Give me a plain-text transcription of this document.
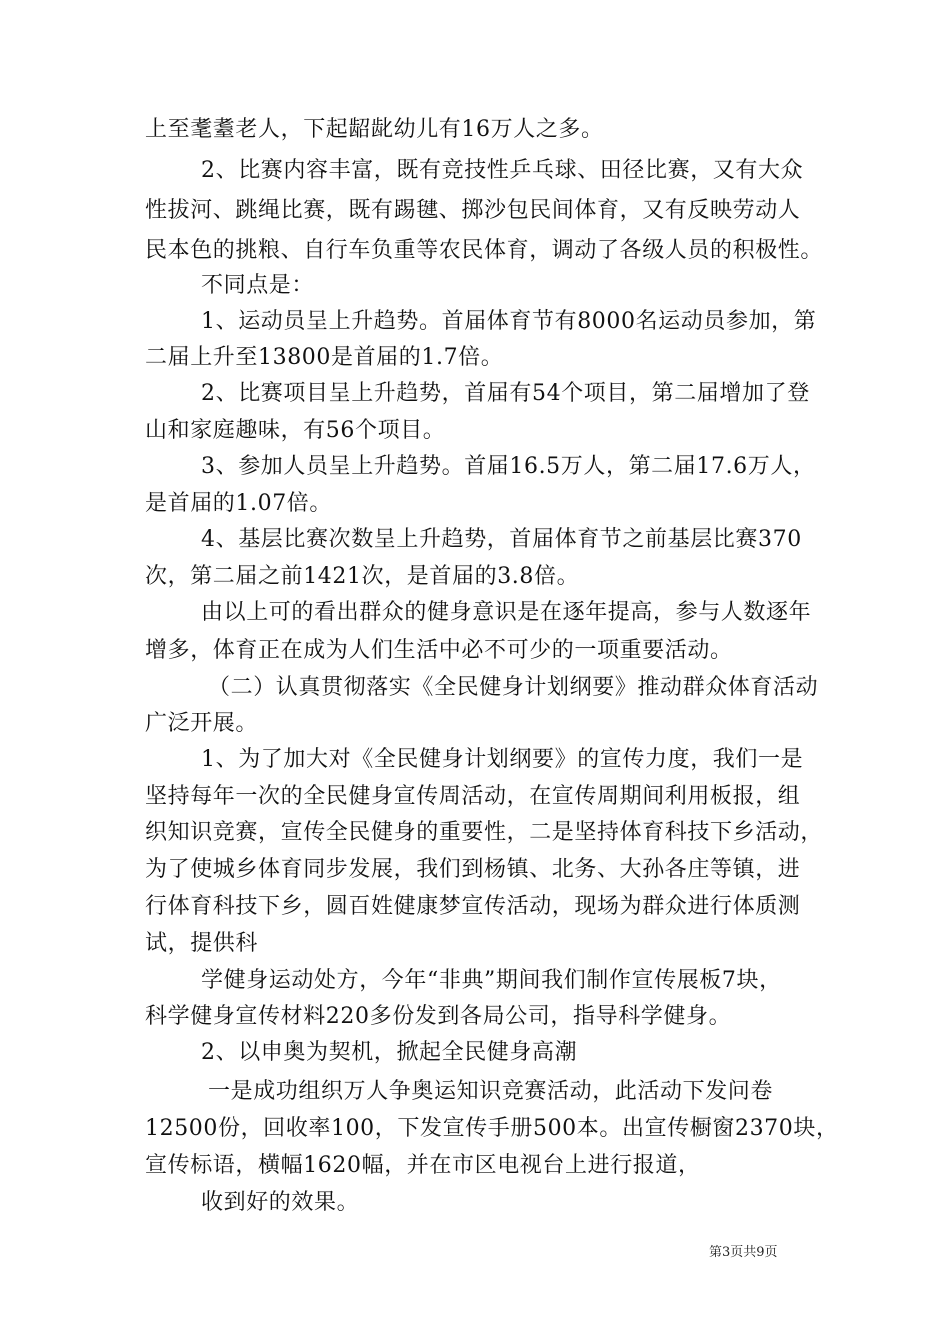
上至耄耋老人，下起龆龀幼儿有16万人之多。
2、比赛内容丰富，既有竞技性乒乓球、田径比赛，又有大众
性拔河、跳绳比赛，既有踢毽、掷沙包民间体育，又有反映劳动人
民本色的挑粮、自行车负重等农民体育，调动了各级人员的积极性。
不同点是：
1、运动员呈上升趋势。首届体育节有8000名运动员参加，第
二届上升至13800是首届的1.7倍。
2、比赛项目呈上升趋势，首届有54个项目，第二届增加了登
山和家庭趣味，有56个项目。
3、参加人员呈上升趋势。首届16.5万人，第二届17.6万人，
是首届的1.07倍。
4、基层比赛次数呈上升趋势，首届体育节之前基层比赛370
次，第二届之前1421次，是首届的3.8倍。
由以上可的看出群众的健身意识是在逐年提高，参与人数逐年
增多，体育正在成为人们生活中必不可少的一项重要活动。
（二）认真贯彻落实《全民健身计划纲要》推动群众体育活动
广泛开展。
1、为了加大对《全民健身计划纲要》的宣传力度，我们一是
坚持每年一次的全民健身宣传周活动，在宣传周期间利用板报，组
织知识竞赛，宣传全民健身的重要性，二是坚持体育科技下乡活动，
为了使城乡体育同步发展，我们到杨镇、北务、大孙各庄等镇，进
行体育科技下乡，圆百姓健康梦宣传活动，现场为群众进行体质测
试，提供科
学健身运动处方，今年“非典”期间我们制作宣传展板7块，
科学健身宣传材料220多份发到各局公司，指导科学健身。
2、以申奥为契机，掀起全民健身高潮
一是成功组织万人争奥运知识竞赛活动，此活动下发问卷
12500份，回收率100，下发宣传手册500本。出宣传橱窗2370块，
宣传标语，横幅1620幅，并在市区电视台上进行报道，
收到好的效果。
第3页共9页
